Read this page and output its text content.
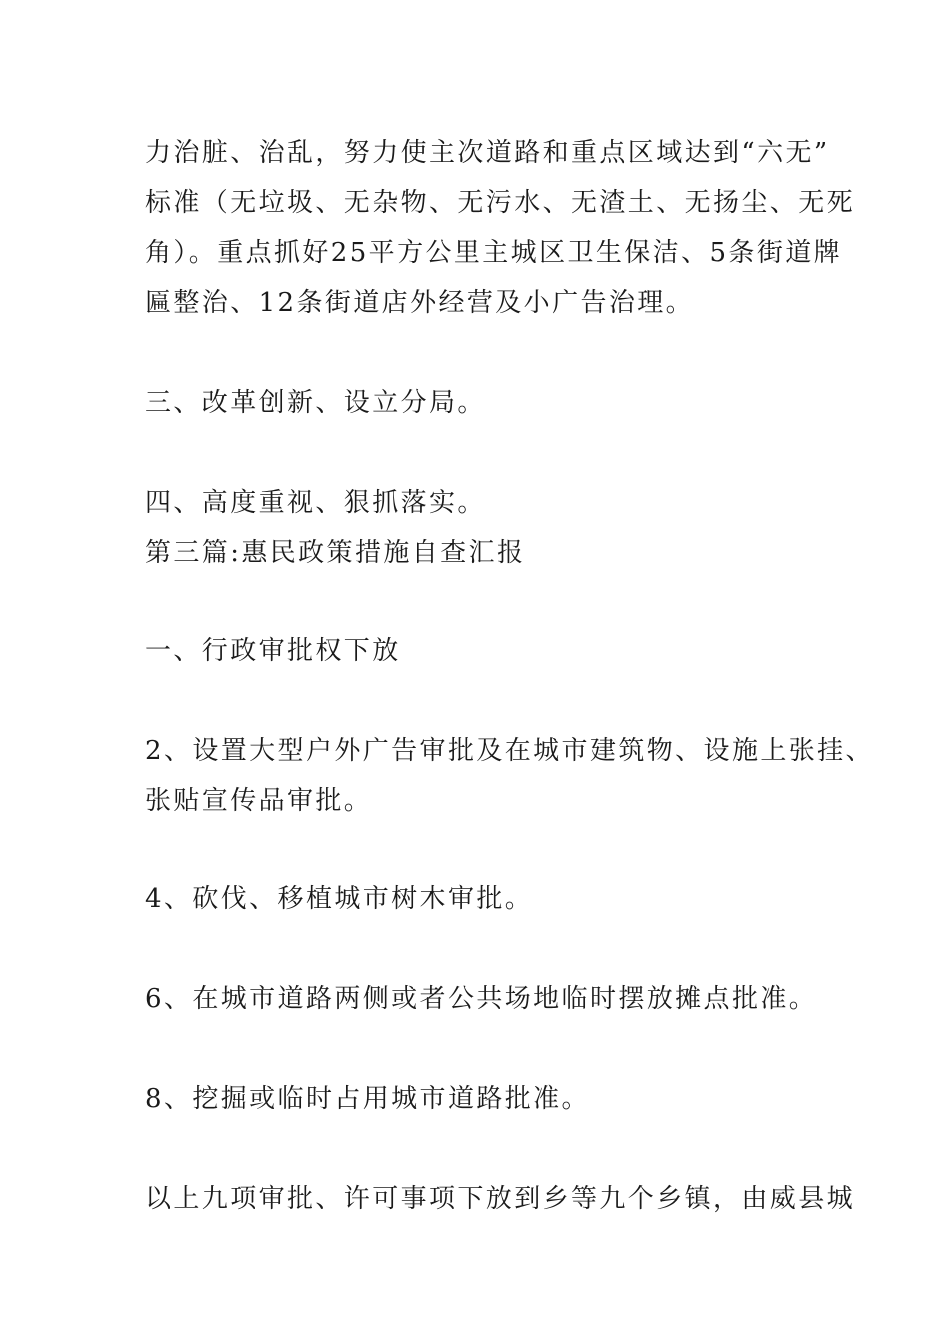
力治脏、治乱，努力使主次道路和重点区域达到“六无”
标准（无垃圾、无杂物、无污水、无渣土、无扬尘、无死
角）。重点抓好25平方公里主城区卫生保洁、5条街道牌
匾整治、12条街道店外经营及小广告治理。
三、改革创新、设立分局。
四、高度重视、狠抓落实。
第三篇:惠民政策措施自查汇报
一、行政审批权下放
2、设置大型户外广告审批及在城市建筑物、设施上张挂、
张贴宣传品审批。
4、砍伐、移植城市树木审批。
6、在城市道路两侧或者公共场地临时摆放摊点批准。
8、挖掘或临时占用城市道路批准。
以上九项审批、许可事项下放到乡等九个乡镇，由威县城
